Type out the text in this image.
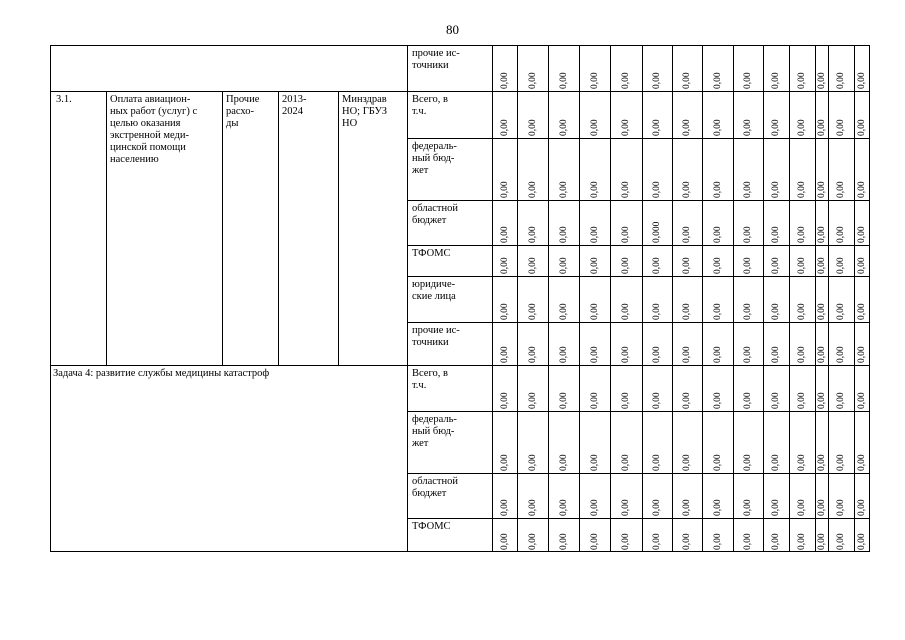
80
прочие ис-
точники
0,00 0,00 0,00 0,00 0,00 0,00 0,00 0,00 0,00 0,00 0,00 0,00 0,00 0,00
3.1.	Оплата авиацион-
ных работ (услуг) с
целью оказания
экстренной меди-
цинской помощи
населению
Прочие
расхо-
ды
2013-
2024
Минздрав
НО; ГБУЗ
НО
Всего, в
т.ч.
0,00 0,00 0,00 0,00 0,00 0,00 0,00 0,00 0,00 0,00 0,00 0,00 0,00 0,00
федераль-
ный бюд-
жет
0,00 0,00 0,00 0,00 0,00 0,00 0,00 0,00 0,00 0,00 0,00 0,00 0,00 0,00
областной
бюджет
0,00 0,00 0,00 0,00 0,00 0,000 0,00 0,00 0,00 0,00 0,00 0,00 0,00 0,00
ТФОМС
0,00 0,00 0,00 0,00 0,00 0,00 0,00 0,00 0,00 0,00 0,00 0,00 0,00 0,00
юридиче-
ские лица
0,00 0,00 0,00 0,00 0,00 0,00 0,00 0,00 0,00 0,00 0,00 0,00 0,00 0,00
прочие ис-
точники
0,00 0,00 0,00 0,00 0,00 0,00 0,00 0,00 0,00 0,00 0,00 0,00 0,00 0,00
Задача 4: развитие службы медицины катастроф	Всего, в
т.ч.
0,00 0,00 0,00 0,00 0,00 0,00 0,00 0,00 0,00 0,00 0,00 0,00 0,00 0,00
федераль-
ный бюд-
жет
0,00 0,00 0,00 0,00 0,00 0,00 0,00 0,00 0,00 0,00 0,00 0,00 0,00 0,00
областной
бюджет
0,00 0,00 0,00 0,00 0,00 0,00 0,00 0,00 0,00 0,00 0,00 0,00 0,00 0,00
ТФОМС
0,00 0,00 0,00 0,00 0,00 0,00 0,00 0,00 0,00 0,00 0,00 0,00 0,00 0,00
